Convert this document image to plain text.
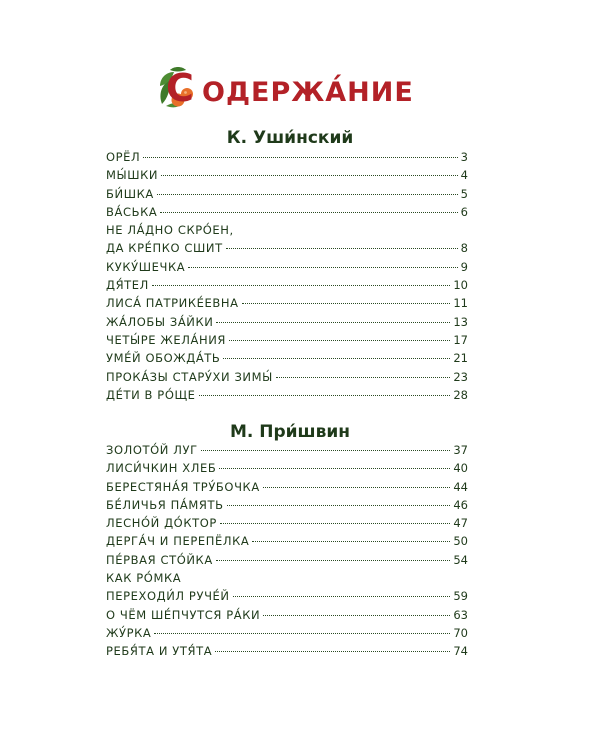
С ОДЕРЖА́НИЕ
К. Уши́нский
ОРЁЛ	3
МЫ́ШКИ	4
БИ́ШКА	5
ВА́СЬКА	6
НЕ ЛА́ДНО СКРО́ЕН,
ДА КРЕ́ПКО СШИТ	8
КУКУ́ШЕЧКА	9
ДЯ́ТЕЛ	10
ЛИСА́ ПАТРИКЕ́ЕВНА	11
ЖА́ЛОБЫ ЗА́ЙКИ	13
ЧЕТЫ́РЕ ЖЕЛА́НИЯ	17
УМЕ́Й ОБОЖДА́ТЬ	21
ПРОКА́ЗЫ СТАРУ́ХИ ЗИМЫ́	23
ДЕ́ТИ В РО́ЩЕ	28
М. При́швин
ЗОЛОТО́Й ЛУГ	37
ЛИСИ́ЧКИН ХЛЕБ	40
БЕРЕСТЯНА́Я ТРУ́БОЧКА	44
БЕ́ЛИЧЬЯ ПА́МЯТЬ	46
ЛЕСНО́Й ДО́КТОР	47
ДЕРГА́Ч И ПЕРЕПЁЛКА	50
ПЕ́РВАЯ СТО́ЙКА	54
КАК РО́МКА
ПЕРЕХОДИ́Л РУЧЕ́Й	59
О ЧЁМ ШЕ́ПЧУТСЯ РА́КИ	63
ЖУ́РКА	70
РЕБЯ́ТА И УТЯ́ТА	74
